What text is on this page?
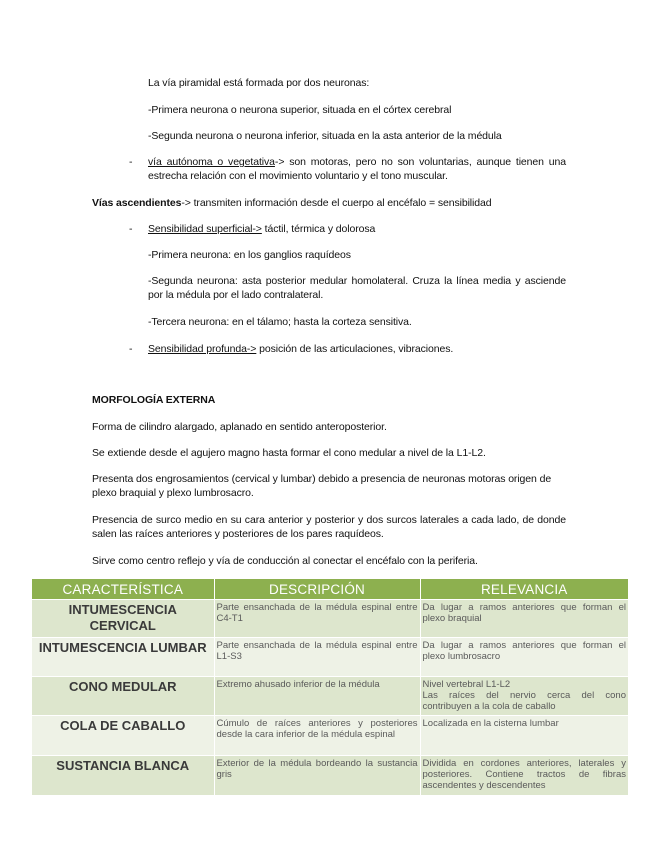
La vía piramidal está formada por dos neuronas:
-Primera neurona o neurona superior, situada en el córtex cerebral
-Segunda neurona o neurona inferior, situada en la asta anterior de la médula
- vía autónoma o vegetativa-> son motoras, pero no son voluntarias, aunque tienen una estrecha relación con el movimiento voluntario y el tono muscular.
Vías ascendientes-> transmiten información desde el cuerpo al encéfalo = sensibilidad
- Sensibilidad superficial-> táctil, térmica y dolorosa
-Primera neurona: en los ganglios raquídeos
-Segunda neurona: asta posterior medular homolateral. Cruza la línea media y asciende por la médula por el lado contralateral.
-Tercera neurona: en el tálamo; hasta la corteza sensitiva.
- Sensibilidad profunda-> posición de las articulaciones, vibraciones.
MORFOLOGÍA EXTERNA
Forma de cilindro alargado, aplanado en sentido anteroposterior.
Se extiende desde el agujero magno hasta formar el cono medular a nivel de la L1-L2.
Presenta dos engrosamientos (cervical y lumbar) debido a presencia de neuronas motoras origen de plexo braquial y plexo lumbrosacro.
Presencia de surco medio en su cara anterior y posterior y dos surcos laterales a cada lado, de donde salen las raíces anteriores y posteriores de los pares raquídeos.
Sirve como centro reflejo y vía de conducción al conectar el encéfalo con la periferia.
CARACTERÍSTICA	DESCRIPCIÓN	RELEVANCIA
INTUMESCENCIA CERVICAL	Parte ensanchada de la médula espinal entre C4-T1	Da lugar a ramos anteriores que forman el plexo braquial
INTUMESCENCIA LUMBAR	Parte ensanchada de la médula espinal entre L1-S3	Da lugar a ramos anteriores que forman el plexo lumbrosacro
CONO MEDULAR	Extremo ahusado inferior de la médula	Nivel vertebral L1-L2
Las raíces del nervio cerca del cono contribuyen a la cola de caballo
COLA DE CABALLO	Cúmulo de raíces anteriores y posteriores desde la cara inferior de la médula espinal	Localizada en la cisterna lumbar
SUSTANCIA BLANCA	Exterior de la médula bordeando la sustancia gris	Dividida en cordones anteriores, laterales y posteriores. Contiene tractos de fibras ascendentes y descendentes
